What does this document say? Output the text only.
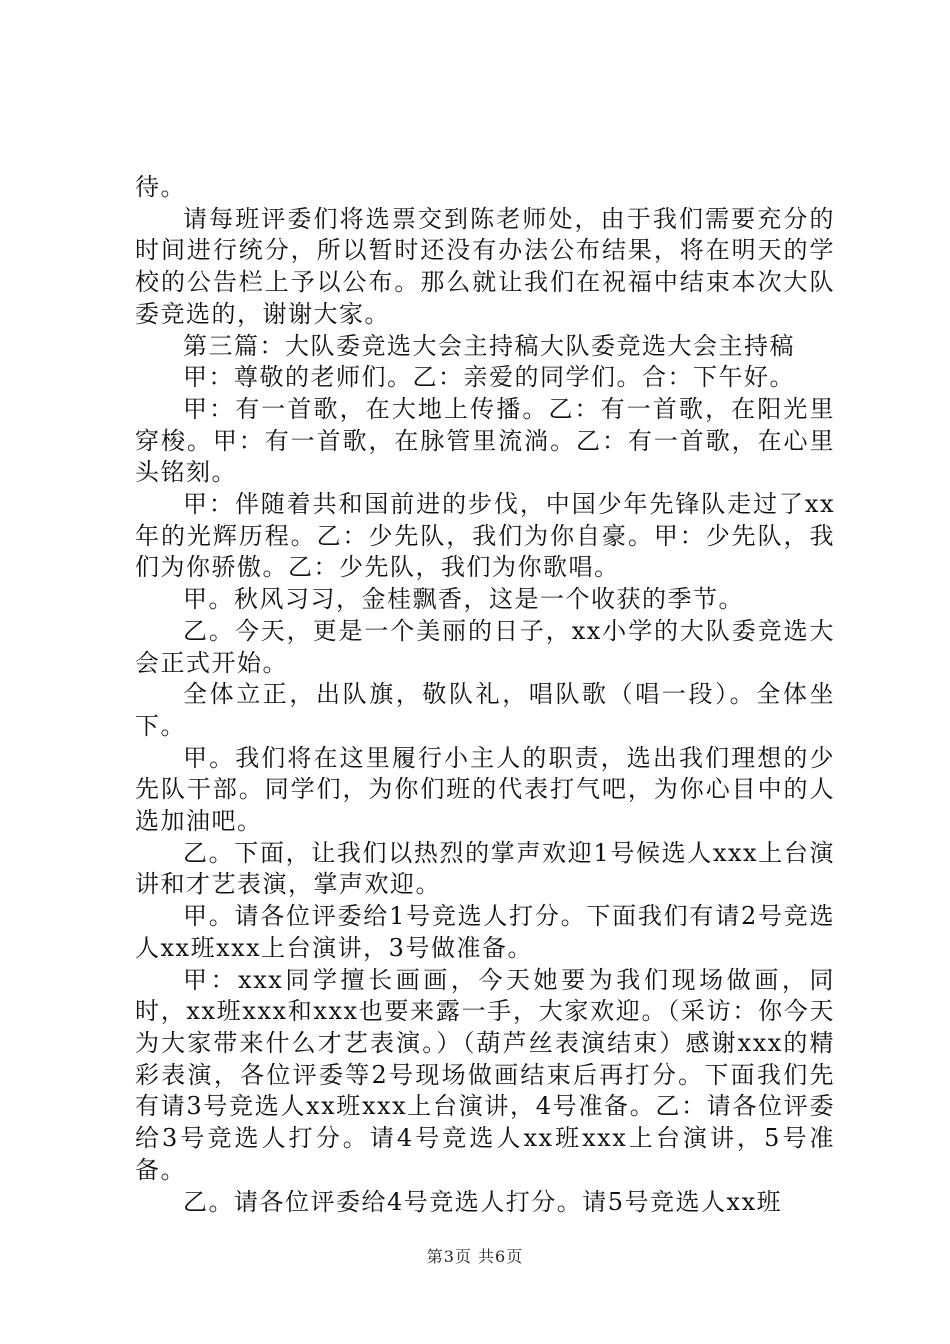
待。

请每班评委们将选票交到陈老师处，由于我们需要充分的时间进行统分，所以暂时还没有办法公布结果，将在明天的学校的公告栏上予以公布。那么就让我们在祝福中结束本次大队委竞选的，谢谢大家。

第三篇：大队委竞选大会主持稿大队委竞选大会主持稿

甲：尊敬的老师们。乙：亲爱的同学们。合：下午好。

甲：有一首歌，在大地上传播。乙：有一首歌，在阳光里穿梭。甲：有一首歌，在脉管里流淌。乙：有一首歌，在心里头铭刻。

甲：伴随着共和国前进的步伐，中国少年先锋队走过了xx年的光辉历程。乙：少先队，我们为你自豪。甲：少先队，我们为你骄傲。乙：少先队，我们为你歌唱。

甲。秋风习习，金桂飘香，这是一个收获的季节。

乙。今天，更是一个美丽的日子，xx小学的大队委竞选大会正式开始。

全体立正，出队旗，敬队礼，唱队歌（唱一段）。全体坐下。

甲。我们将在这里履行小主人的职责，选出我们理想的少先队干部。同学们，为你们班的代表打气吧，为你心目中的人选加油吧。

乙。下面，让我们以热烈的掌声欢迎1号候选人xxx上台演讲和才艺表演，掌声欢迎。

甲。请各位评委给1号竞选人打分。下面我们有请2号竞选人xx班xxx上台演讲，3号做准备。

甲：xxx同学擅长画画，今天她要为我们现场做画，同时，xx班xxx和xxx也要来露一手，大家欢迎。（采访：你今天为大家带来什么才艺表演。）（葫芦丝表演结束）感谢xxx的精彩表演，各位评委等2号现场做画结束后再打分。下面我们先有请3号竞选人xx班xxx上台演讲，4号准备。乙：请各位评委给3号竞选人打分。请4号竞选人xx班xxx上台演讲，5号准备。

乙。请各位评委给4号竞选人打分。请5号竞选人xx班

第3页 共6页
